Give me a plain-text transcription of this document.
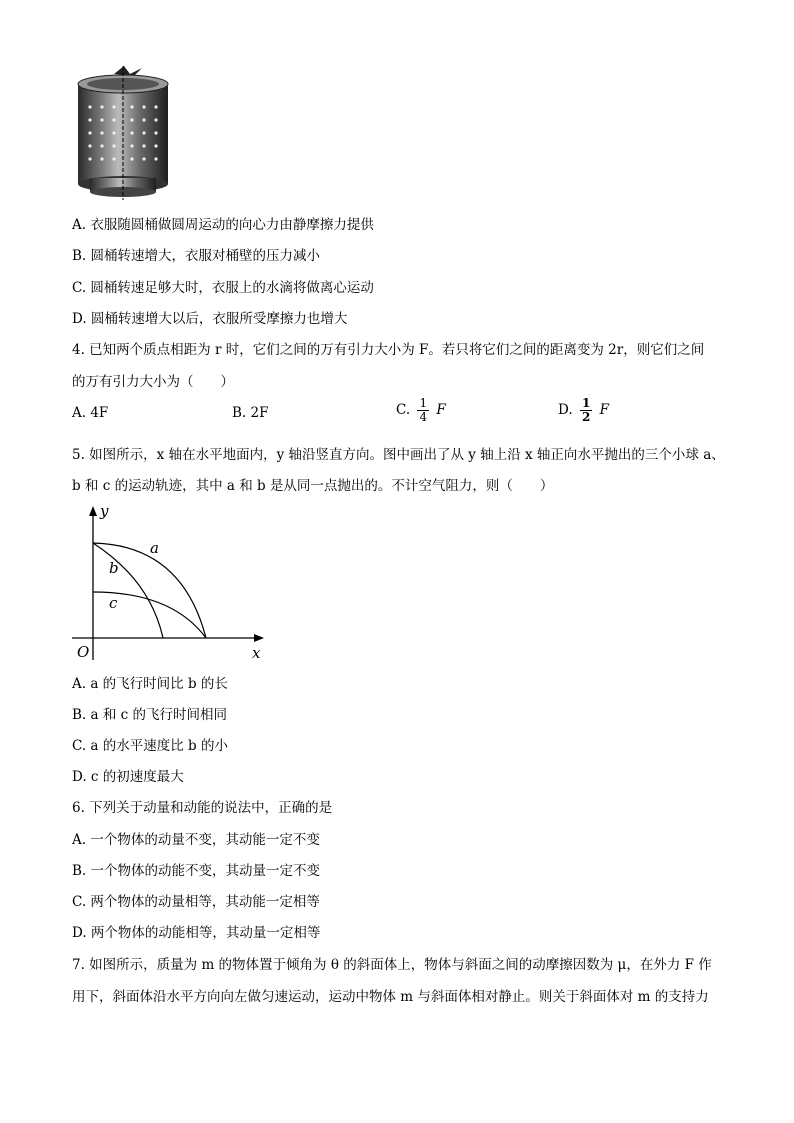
A. 衣服随圆桶做圆周运动的向心力由静摩擦力提供
B. 圆桶转速增大，衣服对桶壁的压力减小
C. 圆桶转速足够大时，衣服上的水滴将做离心运动
D. 圆桶转速增大以后，衣服所受摩擦力也增大
4. 已知两个质点相距为 r 时，它们之间的万有引力大小为 F。若只将它们之间的距离变为 2r，则它们之间
的万有引力大小为（　　）
A. 4F	B. 2F	C. $\frac{1}{4}$ F	D. $\frac{1}{2}$ F
5. 如图所示，x 轴在水平地面内，y 轴沿竖直方向。图中画出了从 y 轴上沿 x 轴正向水平抛出的三个小球 a、
b 和 c 的运动轨迹，其中 a 和 b 是从同一点抛出的。不计空气阻力，则（　　）
y
x
O
a
b
c
A. a 的飞行时间比 b 的长
B. a 和 c 的飞行时间相同
C. a 的水平速度比 b 的小
D. c 的初速度最大
6. 下列关于动量和动能的说法中，正确的是
A. 一个物体的动量不变，其动能一定不变
B. 一个物体的动能不变，其动量一定不变
C. 两个物体的动量相等，其动能一定相等
D. 两个物体的动能相等，其动量一定相等
7. 如图所示，质量为 m 的物体置于倾角为 θ 的斜面体上，物体与斜面之间的动摩擦因数为 μ，在外力 F 作
用下，斜面体沿水平方向向左做匀速运动，运动中物体 m 与斜面体相对静止。则关于斜面体对 m 的支持力
